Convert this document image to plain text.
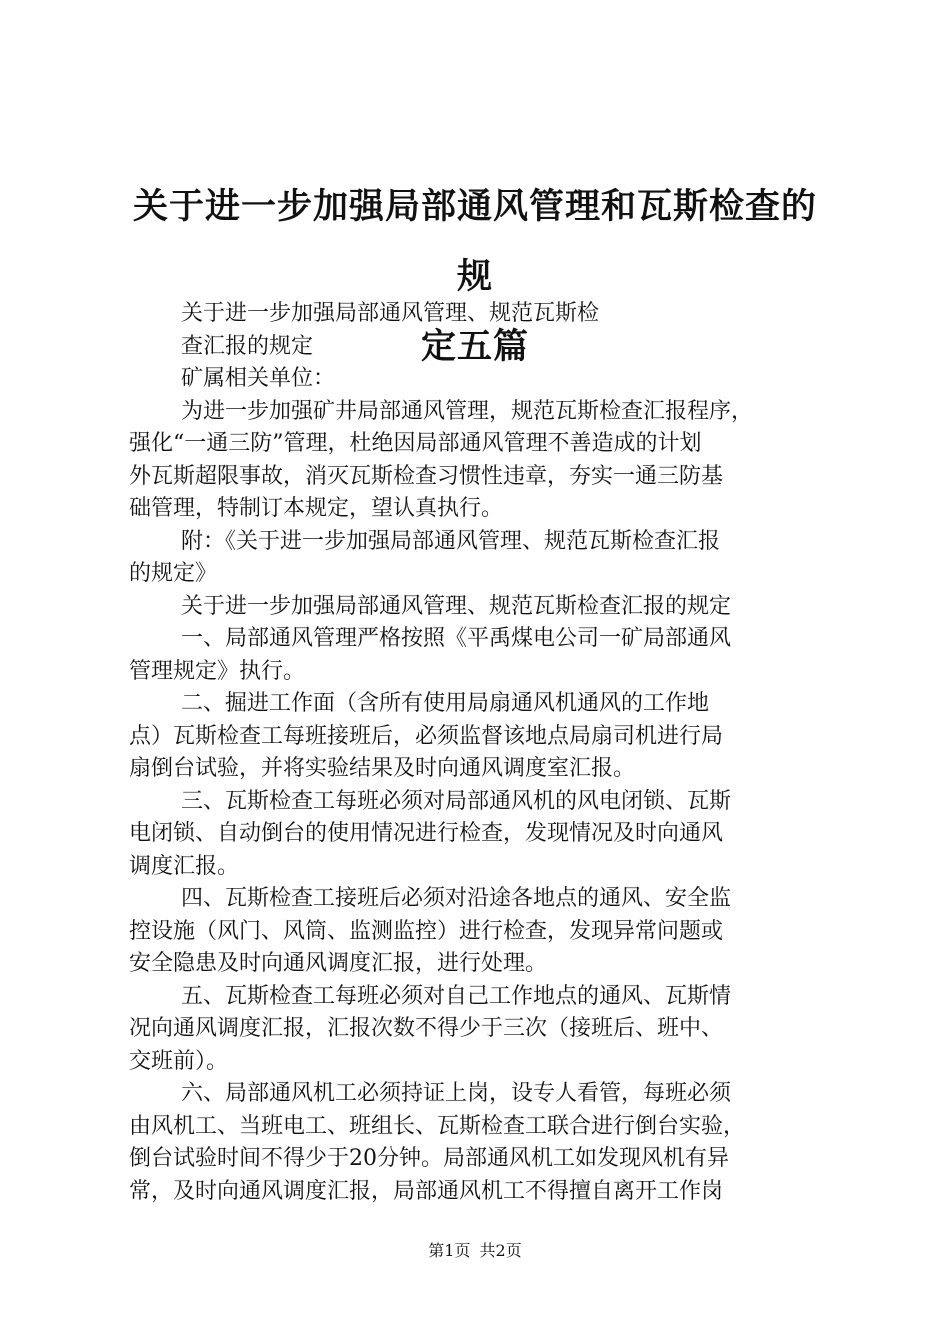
关于进一步加强局部通风管理和瓦斯检查的规
定五篇
关于进一步加强局部通风管理、规范瓦斯检
查汇报的规定
矿属相关单位：
为进一步加强矿井局部通风管理，规范瓦斯检查汇报程序，
强化“一通三防”管理，杜绝因局部通风管理不善造成的计划
外瓦斯超限事故，消灭瓦斯检查习惯性违章，夯实一通三防基
础管理，特制订本规定，望认真执行。
附：《关于进一步加强局部通风管理、规范瓦斯检查汇报
的规定》
关于进一步加强局部通风管理、规范瓦斯检查汇报的规定
一、局部通风管理严格按照《平禹煤电公司一矿局部通风
管理规定》执行。
二、掘进工作面（含所有使用局扇通风机通风的工作地
点）瓦斯检查工每班接班后，必须监督该地点局扇司机进行局
扇倒台试验，并将实验结果及时向通风调度室汇报。
三、瓦斯检查工每班必须对局部通风机的风电闭锁、瓦斯
电闭锁、自动倒台的使用情况进行检查，发现情况及时向通风
调度汇报。
四、瓦斯检查工接班后必须对沿途各地点的通风、安全监
控设施（风门、风筒、监测监控）进行检查，发现异常问题或
安全隐患及时向通风调度汇报，进行处理。
五、瓦斯检查工每班必须对自己工作地点的通风、瓦斯情
况向通风调度汇报，汇报次数不得少于三次（接班后、班中、
交班前）。
六、局部通风机工必须持证上岗，设专人看管，每班必须
由风机工、当班电工、班组长、瓦斯检查工联合进行倒台实验，
倒台试验时间不得少于20分钟。局部通风机工如发现风机有异
常，及时向通风调度汇报，局部通风机工不得擅自离开工作岗
第1页 共2页
